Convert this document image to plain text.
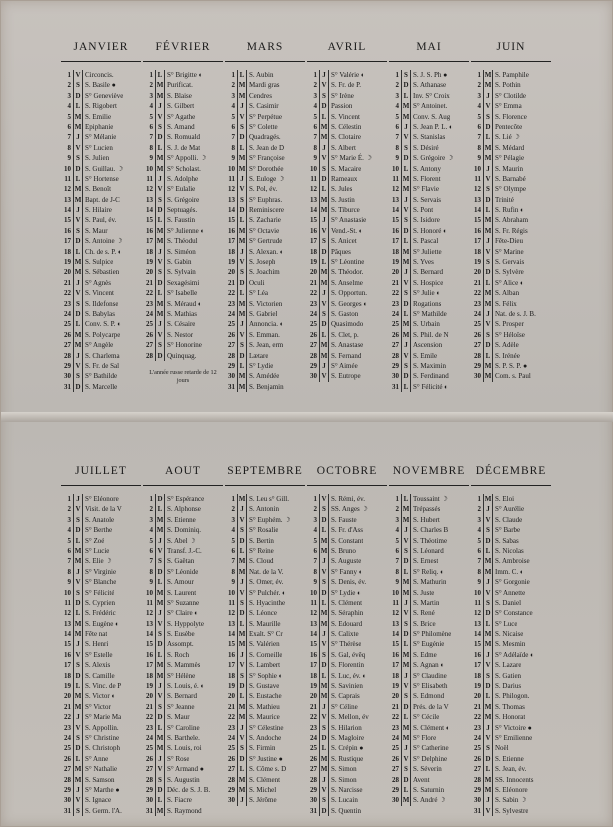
JANVIER
1 V Circoncis.
2 S S. Basile ●
3 D S° Geneviève
4 L S. Rigobert
5 M S. Emilie
6 M Epiphanie
7 J S° Mélanie
8 V S° Lucien
9 S S. Julien
10 D S. Guillau. ☽
11 L S° Hortense
12 M S. Benoît
13 M Bapt. de J-C
14 J S. Hilaire
15 V S. Paul, év.
16 S S. Maur
17 D S. Antoine ☽
18 L Ch. de s. P. ◐
19 M S. Sulpice
20 M S. Sébastien
21 J S° Agnès
22 V S. Vincent
23 S S. Ildefonse
24 D S. Babylas
25 L Conv. S. P. ◐
26 M S. Polycarpe
27 M S° Angèle
28 J S. Charlema
29 V S. Fr. de Sal
30 S S° Bathilde
31 D S. Marcelle
FÉVRIER
1 L S° Brigitte ◐
2 M Purificat.
3 M S. Blaise
4 J S. Gilbert
5 V S° Agathe
6 S S. Amand
7 D S. Romuald
8 L S. J. de Mat
9 M S° Appolli. ☽
10 M S° Scholast.
11 J S. Adolphe
12 V S° Eulalie
13 S S. Grégoire
14 D Septuagés.
15 L S. Faustin
16 M S° Julienne ◐
17 M S. Théodul
18 J S. Siméon
19 V S. Gabin
20 S S. Sylvain
21 D Sexagésimi
22 L S° Isabelle
23 M S. Méraud ◐
24 M S. Mathias
25 J S. Césaire
26 V S. Nestor
27 S S° Honorine
28 D Quinquag.
L'année russe retarde de 12 jours
MARS
1 L S. Aubin
2 M Mardi gras
3 M Cendres
4 J S. Casimir
5 V S° Perpétue
6 S S° Colette
7 D Quadragés.
8 L S. Jean de D
9 M S° Françoise
10 M S° Dorothée
11 J S. Euloge ☽
12 V S. Pol, év.
13 S S° Euphras.
14 D Reminiscere
15 L S. Zacharie
16 M S° Octavie
17 M S° Gertrude
18 J S. Alexan. ◐
19 V S. Joseph
20 S S. Joachim
21 D Oculi
22 L S° Léa
23 M S. Victorien
24 M S. Gabriel
25 J Annoncia. ◐
26 V S. Emman.
27 S S. Jean, erm
28 D Lætare
29 L S° Lydie
30 M S. Amédée
31 M S. Benjamin
AVRIL
1 J S° Valérie ◐
2 V S. Fr. de P.
3 S S° Irène
4 D Passion
5 L S. Vincent
6 M S. Célestin
7 M S. Clotaire
8 J S. Albert
9 V S° Marie É. ☽
10 S S. Macaire
11 D Rameaux
12 L S. Jules
13 M S. Justin
14 M S. Tiburce
15 J S° Anastasie
16 V Vend.-St. ◐
17 S S. Anicet
18 D Pâques
19 L S° Léontine
20 M S. Théodor.
21 M S. Anselme
22 J S. Opportun.
23 V S. Georges ◐
24 S S. Gaston
25 D Quasimodo
26 L S. Clet, p.
27 M S. Anastase
28 M S. Fernand
29 J S° Aimée
30 V S. Eutrope
MAI
1 S S. J. S. Ph ●
2 D S. Athanase
3 L Inv. S° Croix
4 M S° Antoinet.
5 M Conv. S. Aug
6 J S. Jean P. L. ◐
7 V S. Stanislas
8 S S. Désiré
9 D S. Grégoire ☽
10 L S. Antony
11 M S. Florent
12 M S° Flavie
13 J S. Servais
14 V S. Pont
15 S S. Isidore
16 D S. Honoré ◐
17 L S. Pascal
18 M S° Juliette
19 M S. Yves
20 J S. Bernard
21 V S. Hospice
22 S S° Julie ◐
23 D Rogations
24 L S° Mathilde
25 M S. Urbain
26 M S. Phil. de N
27 J Ascension
28 V S. Emile
29 S S. Maximin
30 D S. Ferdinand
31 L S° Félicité ◐
JUIN
1 M S. Pamphile
2 M S. Pothin
3 J S° Clotilde
4 V S° Emma
5 S S. Florence
6 D Pentecôte
7 L S. Lié ☽
8 M S. Médard
9 M S° Pélagie
10 J S. Maurin
11 V S. Barnabé
12 S S° Olympe
13 D Trinité
14 L S. Rufin ◐
15 M S. Abraham
16 M S. Fr. Régis
17 J Fête-Dieu
18 V S° Marine
19 S S. Gervais
20 D S. Sylvère
21 L S° Alice ◐
22 M S. Alban
23 M S. Félix
24 J Nat. de s. J. B.
25 V S. Prosper
26 S S° Héloïse
27 D S. Adèle
28 L S. Irénée
29 M S. P. S. P. ●
30 M Com. s. Paul
JUILLET
1 J S° Eléonore
2 V Visit. de la V
3 S S. Anatole
4 D S° Berthe
5 L S° Zoé
6 M S° Lucie
7 M S. Elie ☽
8 J S° Virginie
9 V S° Blanche
10 S S° Félicité
11 D S. Cyprien
12 L S. Frédéric
13 M S. Eugène ◐
14 M Fête nat
15 J S. Henri
16 V S° Estelle
17 S S. Alexis
18 D S. Camille
19 L S. Vinc. de P
20 M S. Victor ◐
21 M S° Victor
22 J S° Marie Ma
23 V S. Appollin.
24 S S° Christine
25 D S. Christoph
26 L S° Anne
27 M S° Nathalie
28 M S. Samson
29 J S° Marthe ●
30 V S. Ignace
31 S S. Germ. l'A.
AOUT
1 D S° Espérance
2 L S. Alphonse
3 M S. Etienne
4 M S. Dominiq.
5 J S. Abel ☽
6 V Transf. J.-C.
7 S S. Gaëtan
8 D S° Léonide
9 L S. Amour
10 M S. Laurent
11 M S° Suzanne
12 J S° Claire ◐
13 V S. Hyppolyte
14 S S. Eusèbe
15 D Assompt.
16 L S. Roch
17 M S. Mammès
18 M S° Hélène
19 J S. Louis, é. ◐
20 V S. Bernard
21 S S° Jeanne
22 D S. Maur
23 L S° Caroline
24 M S. Barthele.
25 M S. Louis, roi
26 J S° Rose
27 V S° Armand ●
28 S S. Augustin
29 D Déc. de S. J. B.
30 L S. Fiacre
31 M S. Raymond
SEPTEMBRE
1 M S. Leu s° Gill.
2 J S. Antonin
3 V S° Euphém. ☽
4 S S° Rosalie
5 D S. Bertin
6 L S° Reine
7 M S. Cloud
8 M Nat. de la V.
9 J S. Omer, év.
10 V S° Pulchér. ◐
11 S S. Hyacinthe
12 D S. Léonce
13 L S. Maurille
14 M Exalt. S° Cr
15 M S. Valérien
16 J S. Corneille
17 V S. Lambert
18 S S° Sophie ◐
19 D S. Gustave
20 L S. Eustache
21 M S. Mathieu
22 M S. Maurice
23 J S° Célestine
24 V S. Andoche
25 S S. Firmin
26 D S° Justine ●
27 L S. Côme s. D
28 M S. Clément
29 M S. Michel
30 J S. Jérôme
OCTOBRE
1 V S. Rémi, év.
2 S SS. Anges ☽
3 D S. Fauste
4 L S. Fr. d'Ass
5 M S. Constant
6 M S. Bruno
7 J S. Auguste
8 V S° Fanny ◐
9 S S. Denis, év.
10 D S° Lydie ◐
11 L S. Clément
12 M S. Séraphin
13 M S. Edouard
14 J S. Calixte
15 V S° Thérèse
16 S S. Gal, évêq
17 D S. Florentin
18 L S. Luc, év. ◐
19 M S. Savinien
20 M S. Caprais
21 J S° Céline
22 V S. Mellon, év
23 S S. Hilarion
24 D S. Magloire
25 L S. Crépin ●
26 M S. Rustique
27 M S. Simon
28 J S. Simon
29 V S. Narcisse
30 S S. Lucain
31 D S. Quentin
NOVEMBRE
1 L Toussaint ☽
2 M Trépassés
3 M S. Hubert
4 J S. Charles B
5 V S. Théotime
6 S S. Léonard
7 D S. Ernest
8 L S° Reliq. ◐
9 M S. Mathurin
10 M S. Juste
11 J S. Martin
12 V S. René
13 S S. Brice
14 D S° Philomène
15 L S° Eugénie
16 M S. Edme
17 M S. Agnan ◐
18 J S° Claudine
19 V S° Elisabeth
20 S S. Edmond
21 D Prés. de la V
22 L S° Cécile
23 M S. Clément ◐
24 M S° Flore
25 J S° Catherine
26 V S° Delphine
27 S S. Séverin
28 D Avent
29 L S. Saturnin
30 M S. André ☽
DÉCEMBRE
1 M S. Eloi
2 J S° Aurélie
3 V S. Claude
4 S S° Barbe
5 D S. Sabas
6 L S. Nicolas
7 M S. Ambroise
8 M Imm. C. ◐
9 J S° Gorgonie
10 V S° Annette
11 S S. Daniel
12 D S° Constance
13 L S° Luce
14 M S. Nicaise
15 M S. Mesmin
16 J S° Adélaïde ◐
17 V S. Lazare
18 S S. Gatien
19 D S. Darius
20 L S. Philogon.
21 M S. Thomas
22 M S. Honorat
23 J S° Victoire ●
24 V S° Emilienne
25 S Noël
26 D S. Etienne
27 L S. Jean, év.
28 M SS. Innocents
29 M S. Eléonore
30 J S. Sabin ☽
31 V S. Sylvestre
